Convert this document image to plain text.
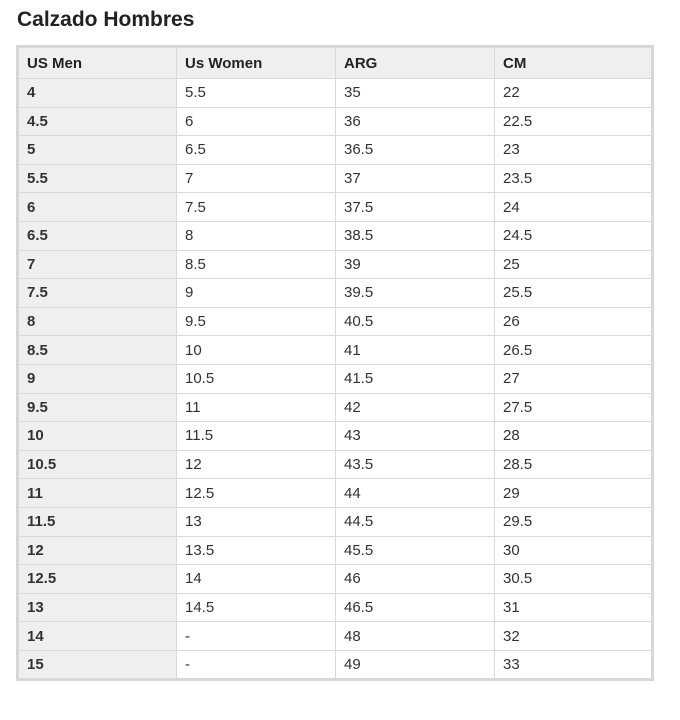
Calzado Hombres
US Men	Us Women	ARG	CM
4	5.5	35	22
4.5	6	36	22.5
5	6.5	36.5	23
5.5	7	37	23.5
6	7.5	37.5	24
6.5	8	38.5	24.5
7	8.5	39	25
7.5	9	39.5	25.5
8	9.5	40.5	26
8.5	10	41	26.5
9	10.5	41.5	27
9.5	11	42	27.5
10	11.5	43	28
10.5	12	43.5	28.5
11	12.5	44	29
11.5	13	44.5	29.5
12	13.5	45.5	30
12.5	14	46	30.5
13	14.5	46.5	31
14	-	48	32
15	-	49	33
